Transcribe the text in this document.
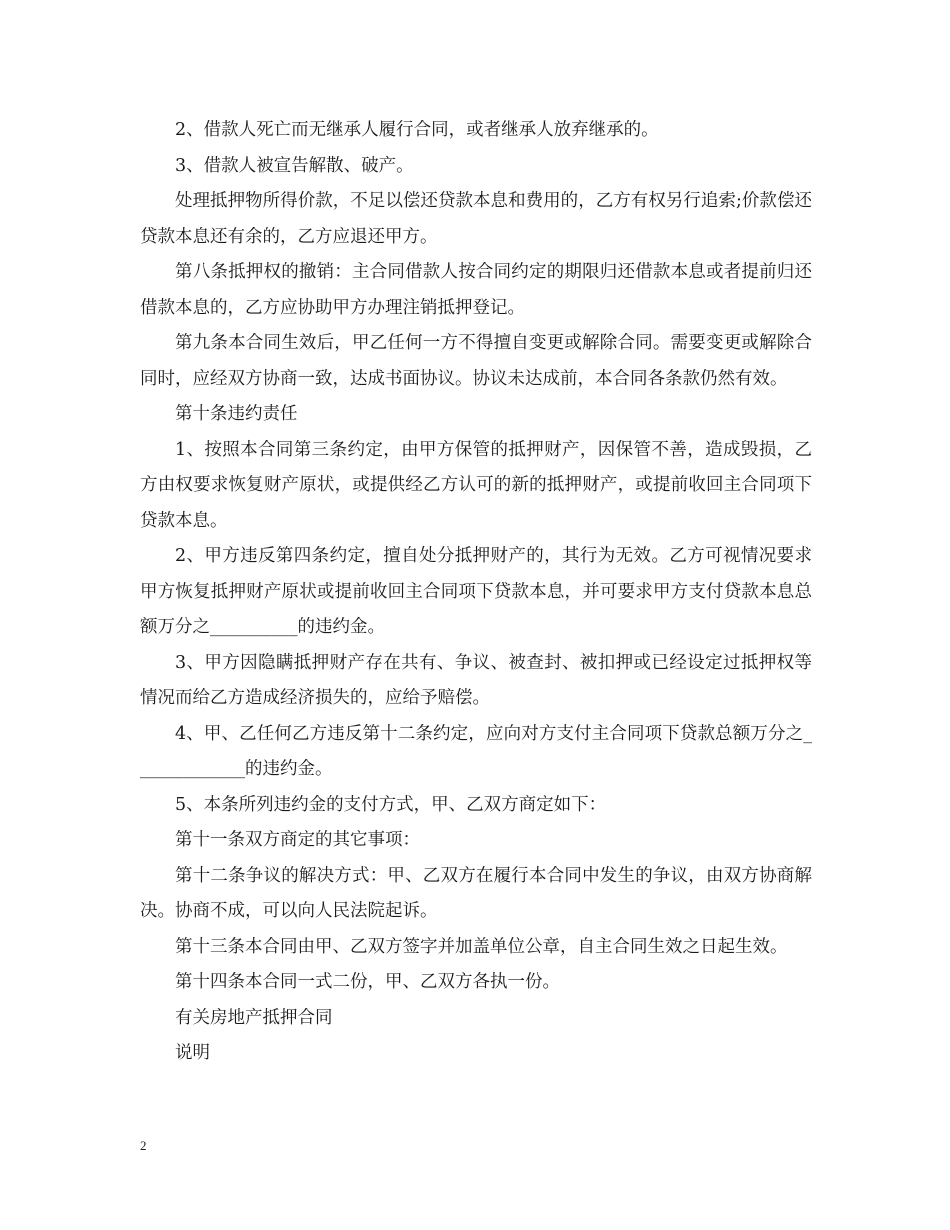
2、借款人死亡而无继承人履行合同，或者继承人放弃继承的。

3、借款人被宣告解散、破产。

处理抵押物所得价款，不足以偿还贷款本息和费用的，乙方有权另行追索;价款偿还贷款本息还有余的，乙方应退还甲方。

第八条抵押权的撤销：主合同借款人按合同约定的期限归还借款本息或者提前归还借款本息的，乙方应协助甲方办理注销抵押登记。

第九条本合同生效后，甲乙任何一方不得擅自变更或解除合同。需要变更或解除合同时，应经双方协商一致，达成书面协议。协议未达成前，本合同各条款仍然有效。

第十条违约责任

1、按照本合同第三条约定，由甲方保管的抵押财产，因保管不善，造成毁损，乙方由权要求恢复财产原状，或提供经乙方认可的新的抵押财产，或提前收回主合同项下贷款本息。

2、甲方违反第四条约定，擅自处分抵押财产的，其行为无效。乙方可视情况要求甲方恢复抵押财产原状或提前收回主合同项下贷款本息，并可要求甲方支付贷款本息总额万分之__________的违约金。

3、甲方因隐瞒抵押财产存在共有、争议、被查封、被扣押或已经设定过抵押权等情况而给乙方造成经济损失的，应给予赔偿。

4、甲、乙任何乙方违反第十二条约定，应向对方支付主合同项下贷款总额万分之_____________的违约金。

5、本条所列违约金的支付方式，甲、乙双方商定如下：

第十一条双方商定的其它事项：

第十二条争议的解决方式：甲、乙双方在履行本合同中发生的争议，由双方协商解决。协商不成，可以向人民法院起诉。

第十三条本合同由甲、乙双方签字并加盖单位公章，自主合同生效之日起生效。

第十四条本合同一式二份，甲、乙双方各执一份。

有关房地产抵押合同

说明

2
